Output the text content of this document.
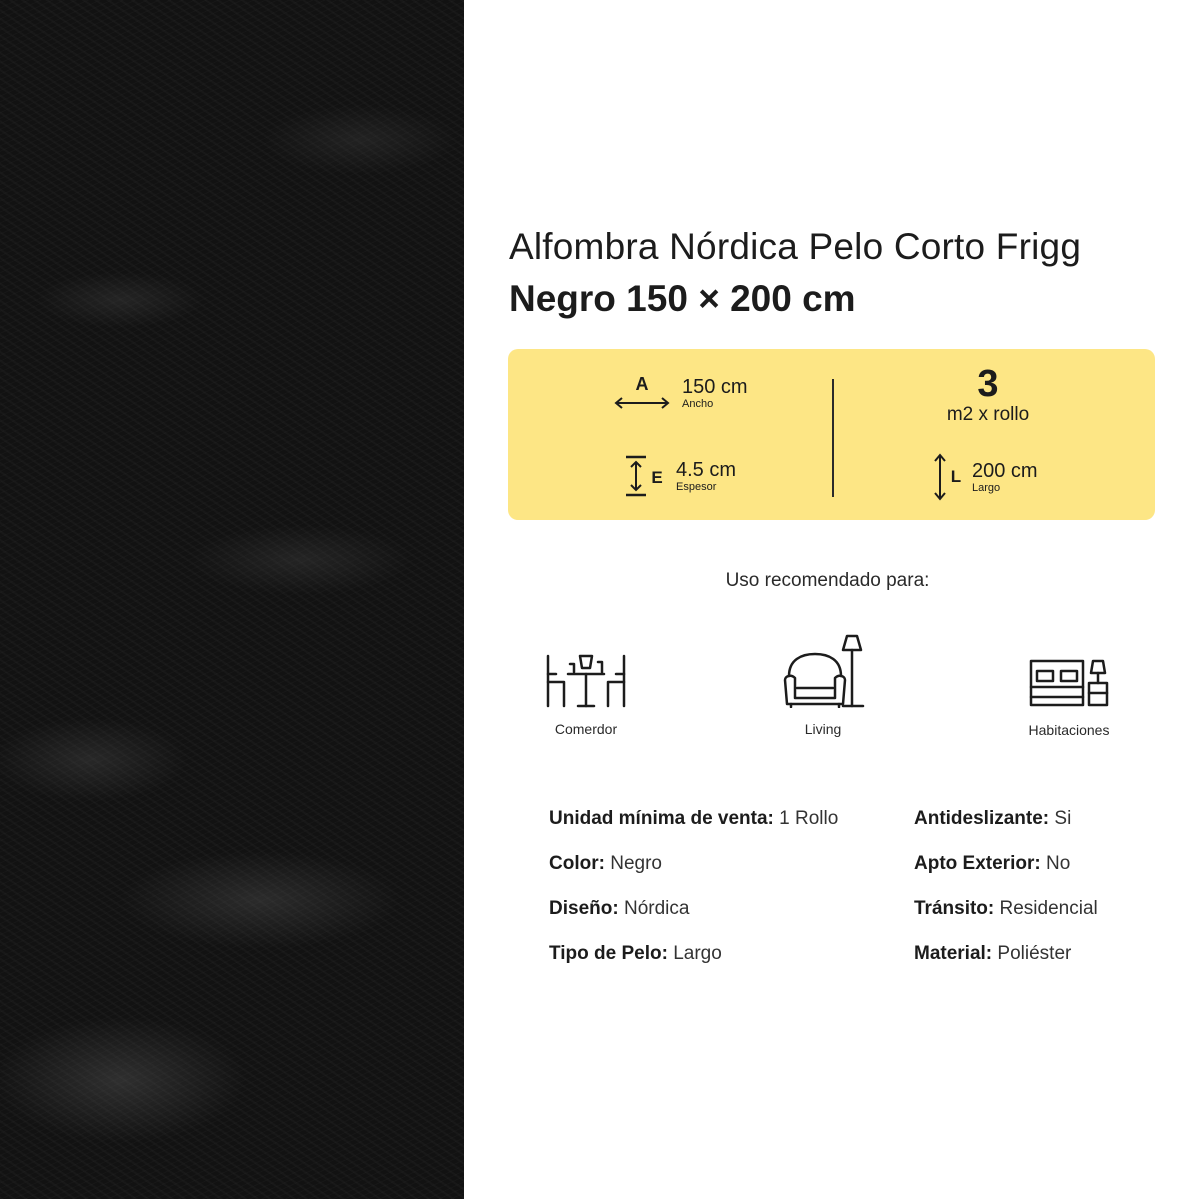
Alfombra Nórdica Pelo Corto Frigg
Negro 150 × 200 cm
A 150 cm
Ancho
E 4.5 cm
Espesor
3
m2 x rollo
L 200 cm
Largo
Uso recomendado para:
Comerdor	Living	Habitaciones
Unidad mínima de venta: 1 Rollo
Color: Negro
Diseño: Nórdica
Tipo de Pelo: Largo
Antideslizante: Si
Apto Exterior: No
Tránsito: Residencial
Material: Poliéster
